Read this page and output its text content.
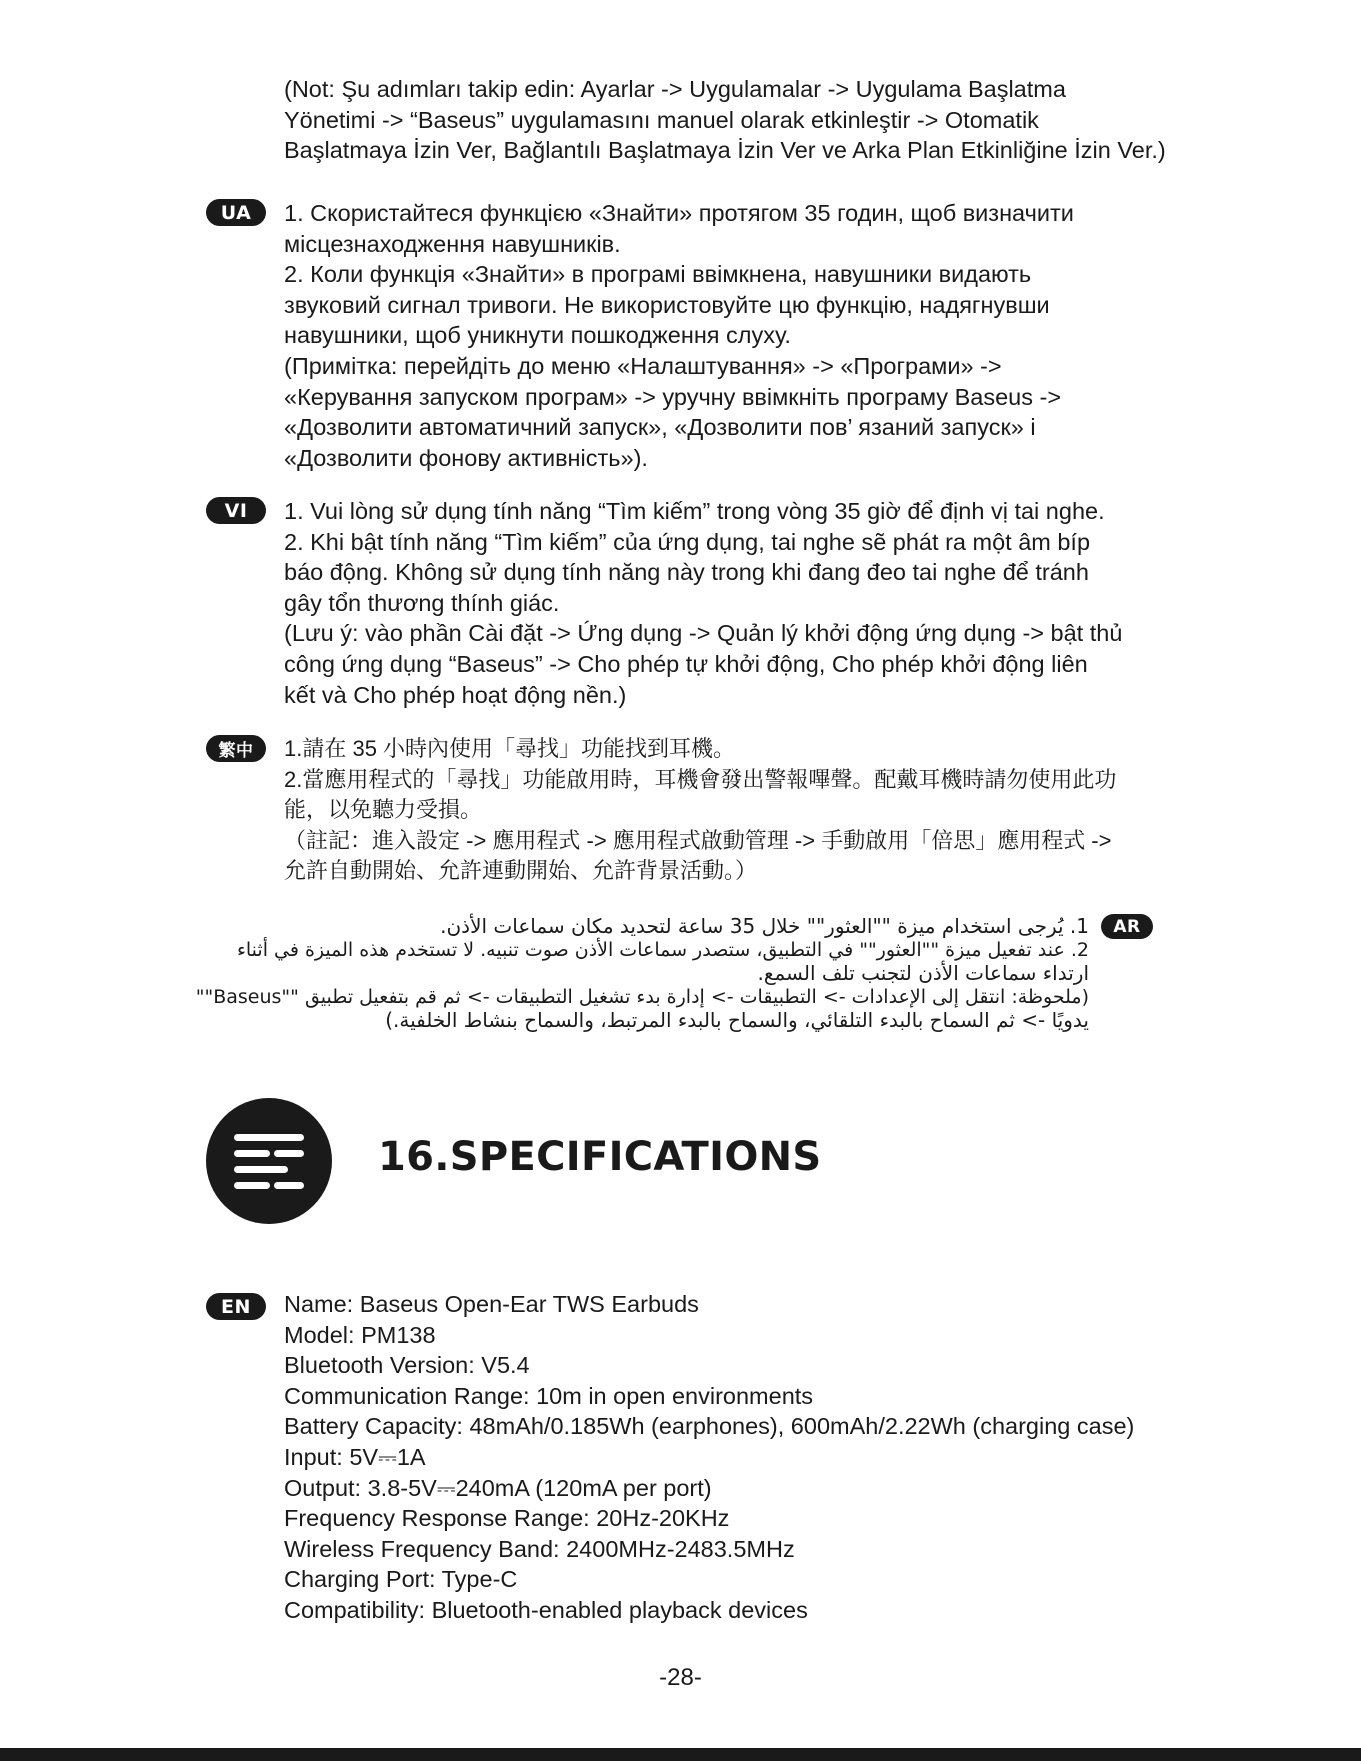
(Not: Şu adımları takip edin: Ayarlar -> Uygulamalar -> Uygulama Başlatma
Yönetimi -> “Baseus” uygulamasını manuel olarak etkinleştir -> Otomatik
Başlatmaya İzin Ver, Bağlantılı Başlatmaya İzin Ver ve Arka Plan Etkinliğine İzin Ver.)
UA	1. Скористайтеся функцією «Знайти» протягом 35 годин, щоб визначити
місцезнаходження навушників.
2. Коли функція «Знайти» в програмі ввімкнена, навушники видають
звуковий сигнал тривоги. Не використовуйте цю функцію, надягнувши
навушники, щоб уникнути пошкодження слуху.
(Примітка: перейдіть до меню «Налаштування» -> «Програми» ->
«Керування запуском програм» -> уручну ввімкніть програму Baseus ->
«Дозволити автоматичний запуск», «Дозволити пов’ язаний запуск» і
«Дозволити фонову активність»).
VI	1. Vui lòng sử dụng tính năng “Tìm kiếm” trong vòng 35 giờ để định vị tai nghe.
2. Khi bật tính năng “Tìm kiếm” của ứng dụng, tai nghe sẽ phát ra một âm bíp
báo động. Không sử dụng tính năng này trong khi đang đeo tai nghe để tránh
gây tổn thương thính giác.
(Lưu ý: vào phần Cài đặt -> Ứng dụng -> Quản lý khởi động ứng dụng -> bật thủ
công ứng dụng “Baseus” -> Cho phép tự khởi động, Cho phép khởi động liên
kết và Cho phép hoạt động nền.)
繁中	1.請在 35 小時內使用「尋找」功能找到耳機。
2.當應用程式的「尋找」功能啟用時，耳機會發出警報嗶聲。配戴耳機時請勿使用此功
能，以免聽力受損。
（註記：進入設定 -> 應用程式 -> 應用程式啟動管理 -> 手動啟用「倍思」應用程式 ->
允許自動開始、允許連動開始、允許背景活動。）
AR
1. يُرجى استخدام ميزة ""العثور"" خلال 35 ساعة لتحديد مكان سماعات الأذن.
2. عند تفعيل ميزة ""العثور"" في التطبيق، ستصدر سماعات الأذن صوت تنبيه. لا تستخدم هذه الميزة في أثناء
ارتداء سماعات الأذن لتجنب تلف السمع.
(ملحوظة: انتقل إلى الإعدادات -> التطبيقات -> إدارة بدء تشغيل التطبيقات -> ثم قم بتفعيل تطبيق ""Baseus""
يدويًا -> ثم السماح بالبدء التلقائي، والسماح بالبدء المرتبط، والسماح بنشاط الخلفية.)
16.SPECIFICATIONS
EN	Name: Baseus Open-Ear TWS Earbuds
Model: PM138
Bluetooth Version: V5.4
Communication Range: 10m in open environments
Battery Capacity: 48mAh/0.185Wh (earphones), 600mAh/2.22Wh (charging case)
Input: 5V⎓1A
Output: 3.8-5V⎓240mA (120mA per port)
Frequency Response Range: 20Hz-20KHz
Wireless Frequency Band: 2400MHz-2483.5MHz
Charging Port: Type-C
Compatibility: Bluetooth-enabled playback devices
-28-
